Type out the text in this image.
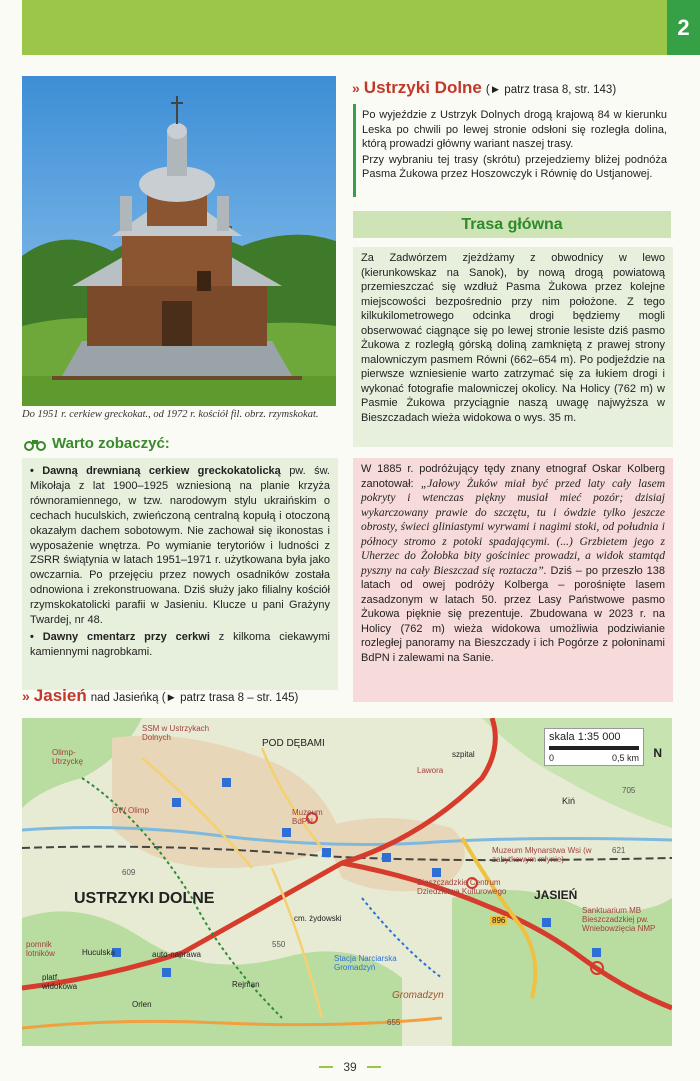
2
Do 1951 r. cerkiew greckokat., od 1972 r. kościół fil. obrz. rzymskokat.
Warto zobaczyć:

• Dawną drewnianą cerkiew greckokatolicką pw. św. Mikołaja z lat 1900–1925 wzniesioną na planie krzyża równoramiennego, w tzw. narodowym stylu ukraińskim o cechach huculskich, zwieńczoną centralną kopułą i otoczoną okazałym dachem sobotowym. Nie zachował się ikonostas i wyposażenie wnętrza. Po wymianie terytoriów i ludności z ZSRR świątynia w latach 1951–1971 r. użytkowana była jako owczarnia. Po przejęciu przez nowych osadników została odnowiona i zrekonstruowana. Dziś służy jako filialny kościół rzymskokatolicki parafii w Jasieniu. Klucze u pani Grażyny Twardej, nr 48.

• Dawny cmentarz przy cerkwi z kilkoma ciekawymi kamiennymi nagrobkami.

» Jasień nad Jasieńką (► patrz trasa 8 – str. 145)
» Ustrzyki Dolne (► patrz trasa 8, str. 143)

Po wyjeździe z Ustrzyk Dolnych drogą krajową 84 w kierunku Leska po chwili po lewej stronie odsłoni się rozległa dolina, którą prowadzi główny wariant naszej trasy.

Przy wybraniu tej trasy (skrótu) przejedziemy bliżej podnóża Pasma Żukowa przez Hoszowczyk i Równię do Ustjanowej.

Trasa główna

Za Zadwórzem zjeżdżamy z obwodnicy w lewo (kierunkowskaz na Sanok), by nową drogą powiatową przemieszczać się wzdłuż Pasma Żukowa przez kolejne miejscowości bezpośrednio przy nim położone. Z tego kilkukilometrowego odcinka drogi będziemy mogli obserwować ciągnące się po lewej stronie lesiste dziś pasmo Żukowa z rozległą górską doliną zamkniętą z prawej strony malowniczym pasmem Równi (662–654 m). Po podjeździe na pierwsze wzniesienie warto zatrzymać się za łukiem drogi i wykonać fotografie malowniczej okolicy. Na Holicy (762 m) w Pasmie Żukowa przyciągnie naszą uwagę najwyższa w Bieszczadach wieża widokowa o wys. 35 m.

W 1885 r. podróżujący tędy znany etnograf Oskar Kolberg zanotował: „Jałowy Żuków miał być przed laty cały lasem pokryty i wtenczas piękny musiał mieć pozór; dzisiaj wykarczowany prawie do szczętu, tu i ówdzie tylko jeszcze obrosty, świeci gliniastymi wyrwami i nagimi stoki, od południa i północy stromo z potoki spadającymi. (...) Grzbietem jego z Uherzec do Żołobka bity gościniec prowadzi, a widok stamtąd pyszny na cały Bieszczad się roztacza”. Dziś – po przeszło 138 latach od owej podróży Kolberga – porośnięte lasem zasadzonym w latach 50. przez Lasy Państwowe pasmo Żukowa pięknie się prezentuje. Zbudowana w 2023 r. na Holicy (762 m) wieża widokowa umożliwia podziwianie rozległej panoramy na Bieszczady i ich Pogórze z połoninami BdPN i zalewami na Sanie.

skala 1:35 000
0	0,5 km N
USTRZYKI DOLNE	JASIEŃ
POD DĘBAMI
Gromadzyn
Olimp-Utrzyckę
SSM w Ustrzykach Dolnych
OW Olimp	Muzeum BdPN
Muzeum Młynarstwa Wsi (w zabytkowym młynie)
Bieszczadzkie Centrum Dziedzictwa Kulturowego
Sanktuarium MB Bieszczadzkiej pw. Wniebowzięcia NMP
cm. żydowski
Stacja Narciarska Gromadzyń
pomnik lotników
platf. widokowa
Huculska
Orlen
Rejman
auto-naprawa
Lawora
Kiń
szpital
896
655
621
609
550
705
39
